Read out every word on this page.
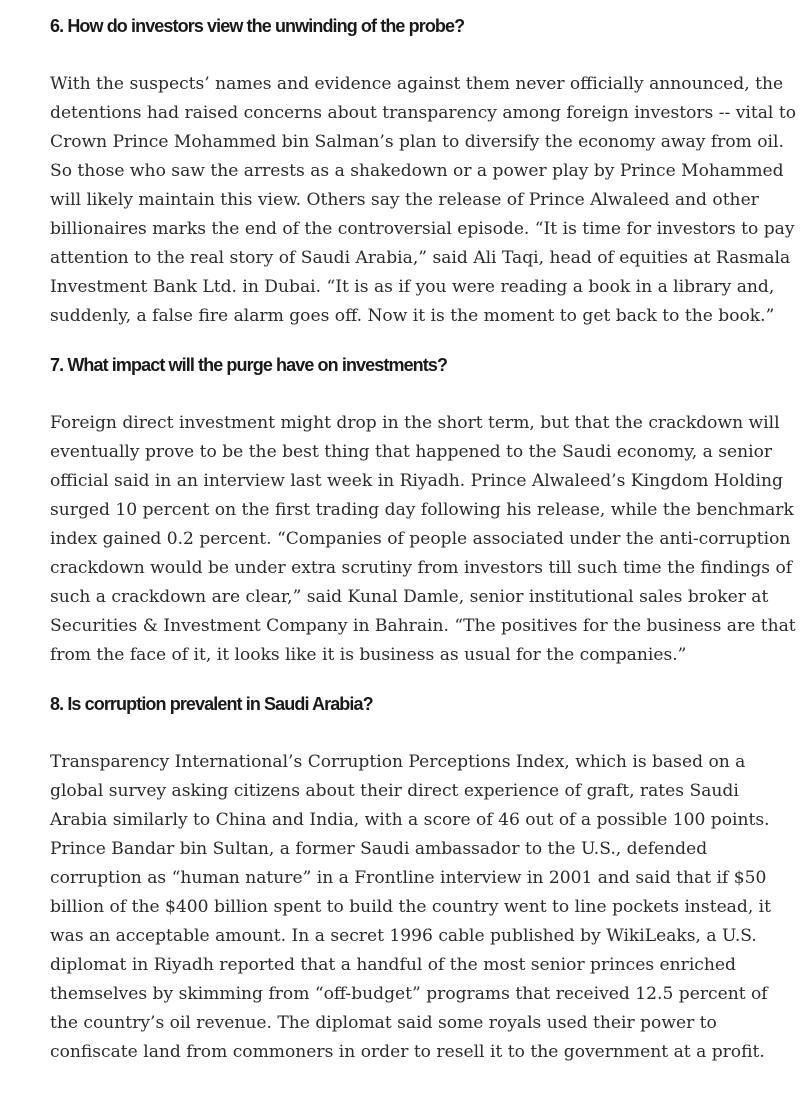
6. How do investors view the unwinding of the probe?

With the suspects’ names and evidence against them never officially announced, the detentions had raised concerns about transparency among foreign investors -- vital to Crown Prince Mohammed bin Salman’s plan to diversify the economy away from oil. So those who saw the arrests as a shakedown or a power play by Prince Mohammed will likely maintain this view. Others say the release of Prince Alwaleed and other billionaires marks the end of the controversial episode. “It is time for investors to pay attention to the real story of Saudi Arabia,” said Ali Taqi, head of equities at Rasmala Investment Bank Ltd. in Dubai. “It is as if you were reading a book in a library and, suddenly, a false fire alarm goes off. Now it is the moment to get back to the book.”

7. What impact will the purge have on investments?

Foreign direct investment might drop in the short term, but that the crackdown will eventually prove to be the best thing that happened to the Saudi economy, a senior official said in an interview last week in Riyadh. Prince Alwaleed’s Kingdom Holding surged 10 percent on the first trading day following his release, while the benchmark index gained 0.2 percent. “Companies of people associated under the anti-corruption crackdown would be under extra scrutiny from investors till such time the findings of such a crackdown are clear,” said Kunal Damle, senior institutional sales broker at Securities & Investment Company in Bahrain. “The positives for the business are that from the face of it, it looks like it is business as usual for the companies.”

8. Is corruption prevalent in Saudi Arabia?

Transparency International’s Corruption Perceptions Index, which is based on a global survey asking citizens about their direct experience of graft, rates Saudi Arabia similarly to China and India, with a score of 46 out of a possible 100 points. Prince Bandar bin Sultan, a former Saudi ambassador to the U.S., defended corruption as “human nature” in a Frontline interview in 2001 and said that if $50 billion of the $400 billion spent to build the country went to line pockets instead, it was an acceptable amount. In a secret 1996 cable published by WikiLeaks, a U.S. diplomat in Riyadh reported that a handful of the most senior princes enriched themselves by skimming from “off-budget” programs that received 12.5 percent of the country’s oil revenue. The diplomat said some royals used their power to confiscate land from commoners in order to resell it to the government at a profit.
